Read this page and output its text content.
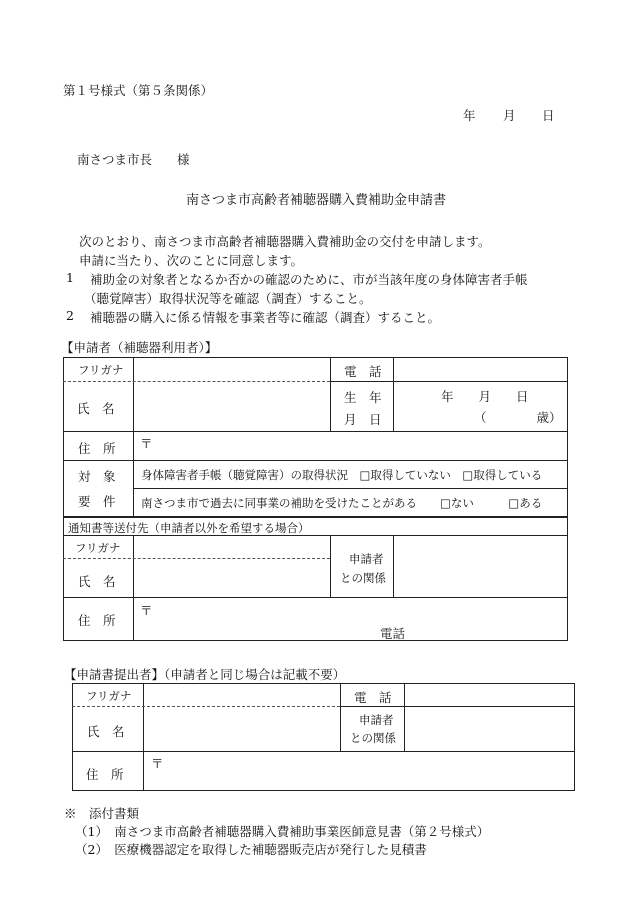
第１号様式（第５条関係）
年 月 日
南さつま市長　　様
南さつま市高齢者補聴器購入費補助金申請書
次のとおり、南さつま市高齢者補聴器購入費補助金の交付を申請します。
申請に当たり、次のことに同意します。
1 補助金の対象者となるか否かの確認のために、市が当該年度の身体障害者手帳
（聴覚障害）取得状況等を確認（調査）すること。
2 補聴器の購入に係る情報を事業者等に確認（調査）すること。
【申請者（補聴器利用者）】
フリガナ
氏　名
電　話
生　年
月　日
年　　月　　日
（　　　　歳）
住　所 〒
対　象
要　件
身体障害者手帳（聴覚障害）の取得状況　□取得していない　□取得している
南さつま市で過去に同事業の補助を受けたことがある　　□ない　　　□ある
通知書等送付先（申請者以外を希望する場合）
フリガナ
氏　名
申請者
との関係
住　所
〒
電話
【申請書提出者】（申請者と同じ場合は記載不要）
フリガナ
氏　名
電　話
申請者
との関係
住　所
〒
※　添付書類
（1）　南さつま市高齢者補聴器購入費補助事業医師意見書（第２号様式）
（2）　医療機器認定を取得した補聴器販売店が発行した見積書
